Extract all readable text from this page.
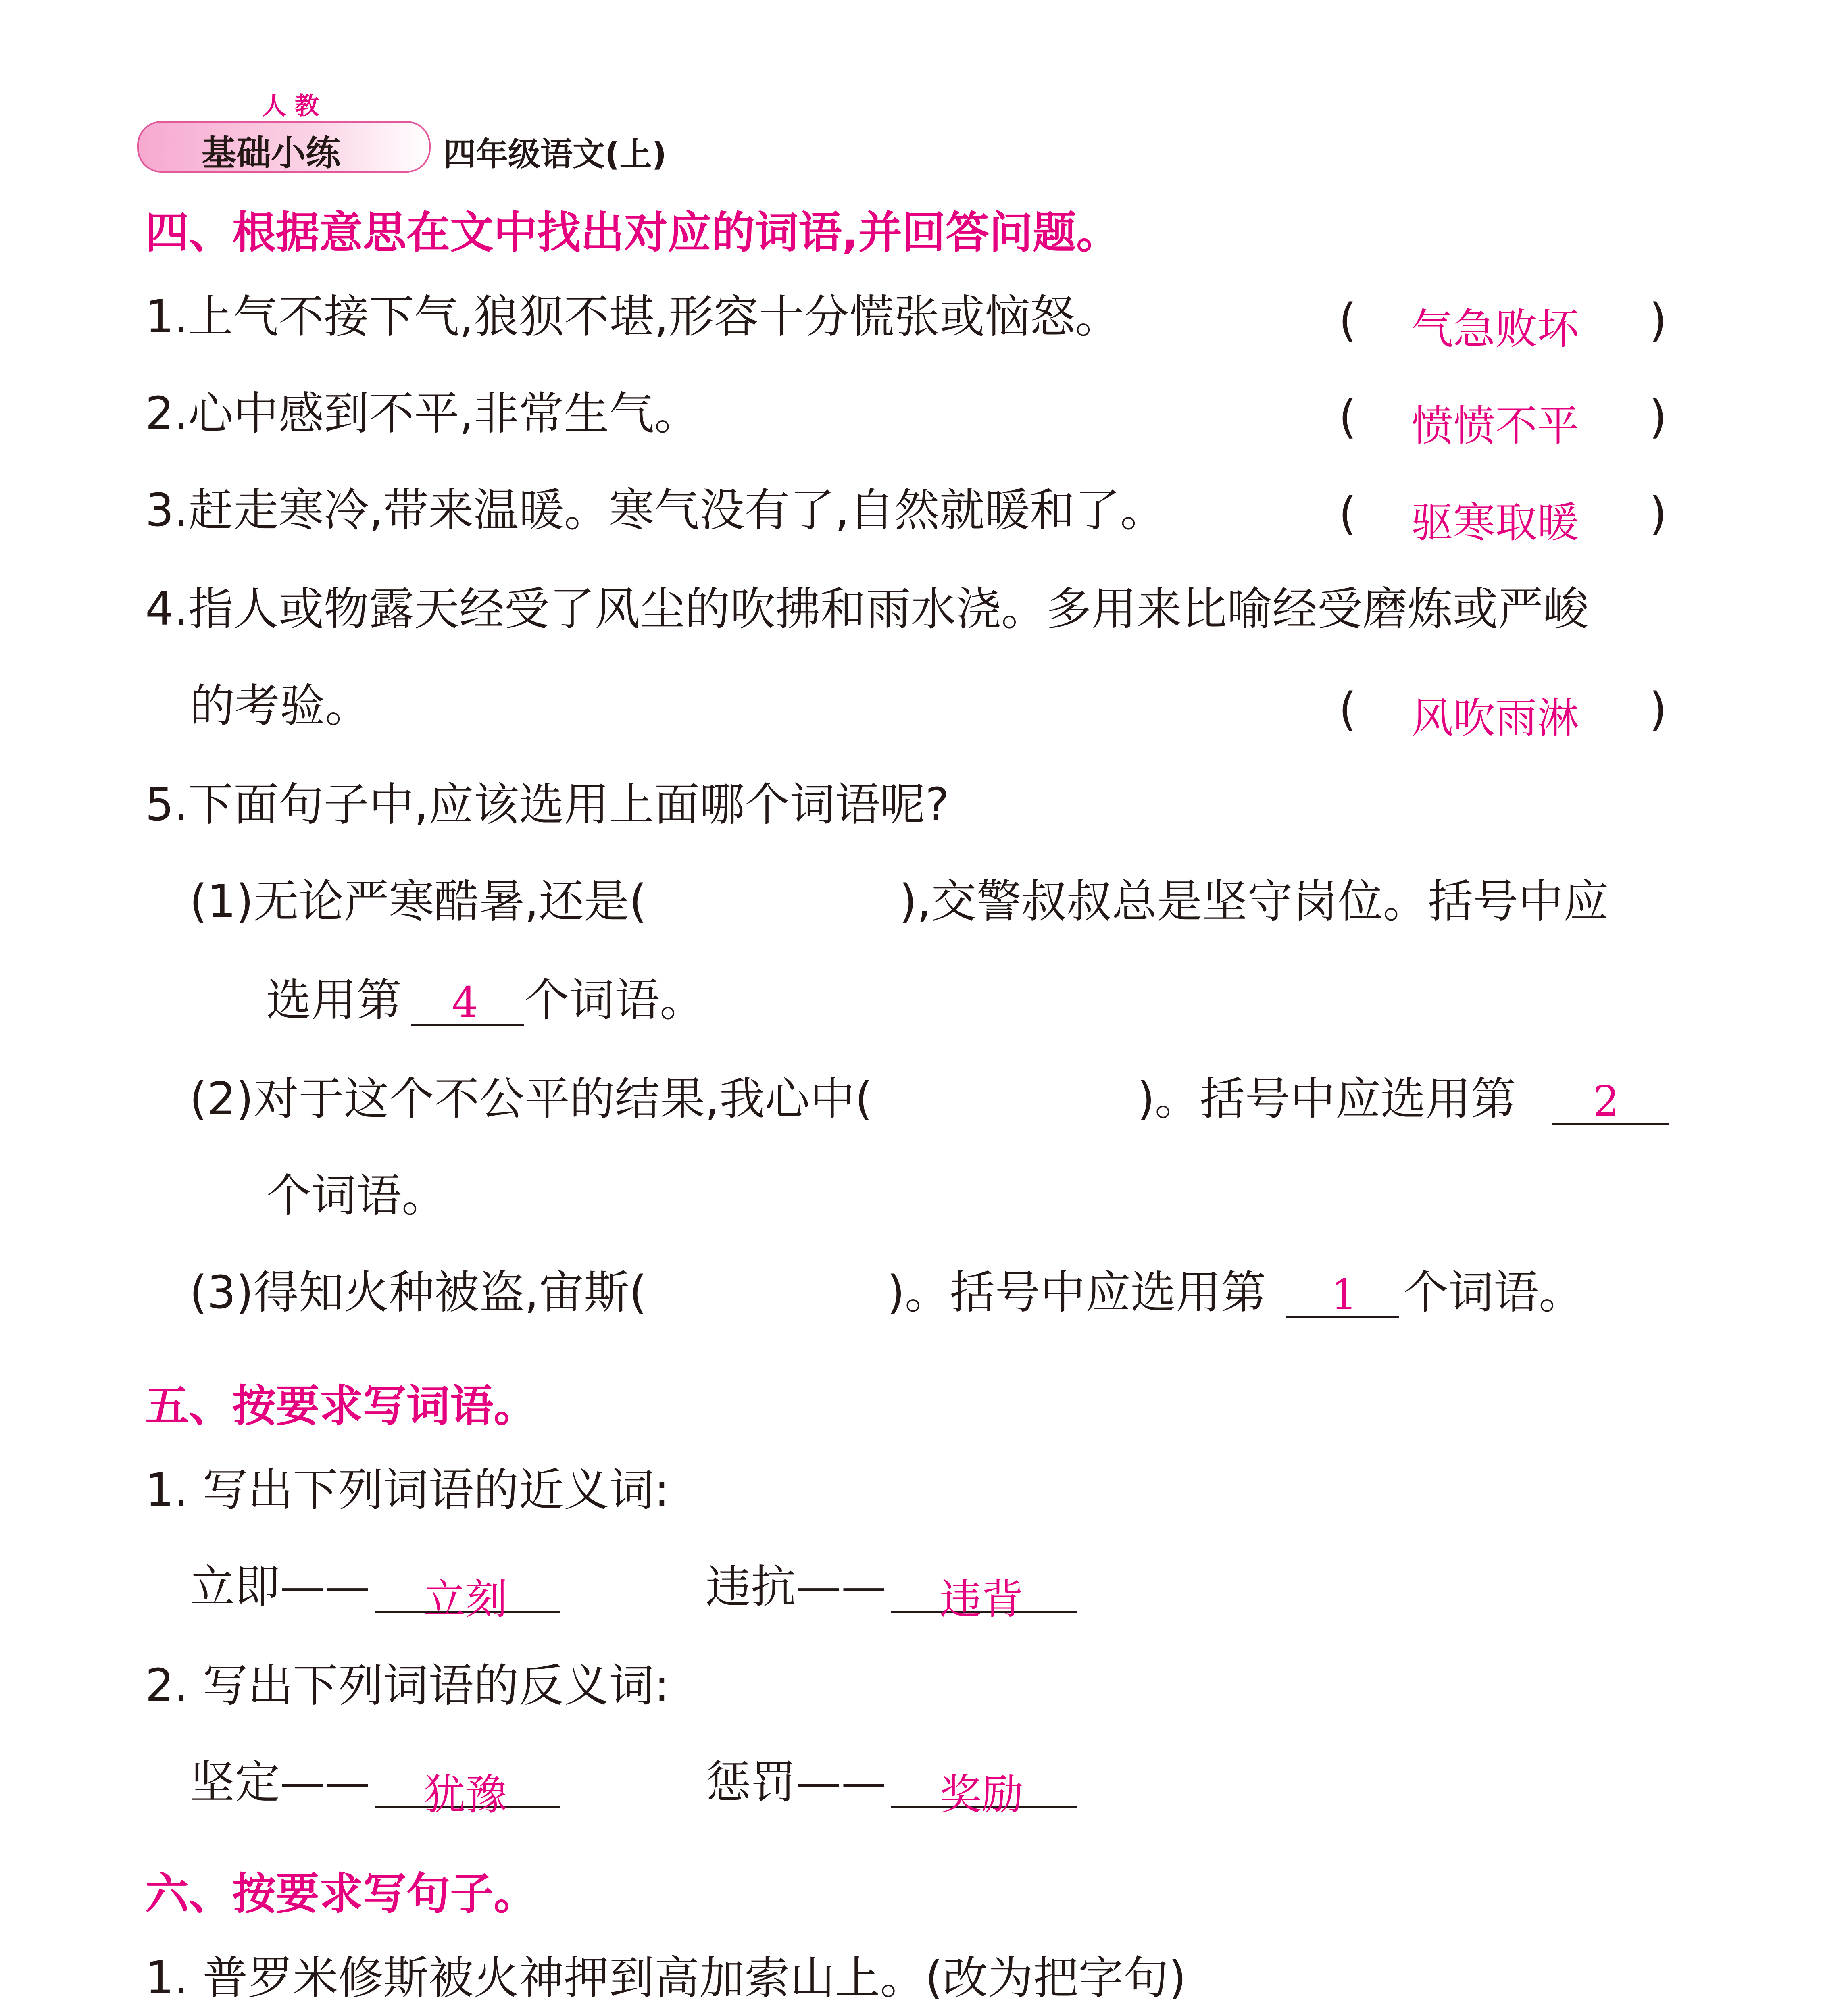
人 教
基础小练	四年级语文(上)
四、根据意思在文中找出对应的词语,并回答问题。
1.上气不接下气,狼狈不堪,形容十分慌张或恼怒。	( 气急败坏 )
2.心中感到不平,非常生气。	( 愤愤不平 )
3.赶走寒冷,带来温暖。寒气没有了,自然就暖和了。	( 驱寒取暖 )
4.指人或物露天经受了风尘的吹拂和雨水浇。多用来比喻经受磨炼或严峻
的考验。	( 风吹雨淋 )
5.下面句子中,应该选用上面哪个词语呢?
(1)无论严寒酷暑,还是(	),交警叔叔总是坚守岗位。括号中应
选用第 4 个词语。
(2)对于这个不公平的结果,我心中(	)。括号中应选用第 2
个词语。
(3)得知火种被盗,宙斯(	)。括号中应选用第 1 个词语。
五、按要求写词语。
1. 写出下列词语的近义词:
立即—— 立刻	违抗—— 违背
2. 写出下列词语的反义词:
坚定—— 犹豫	惩罚—— 奖励
六、按要求写句子。
1. 普罗米修斯被火神押到高加索山上。(改为把字句)
